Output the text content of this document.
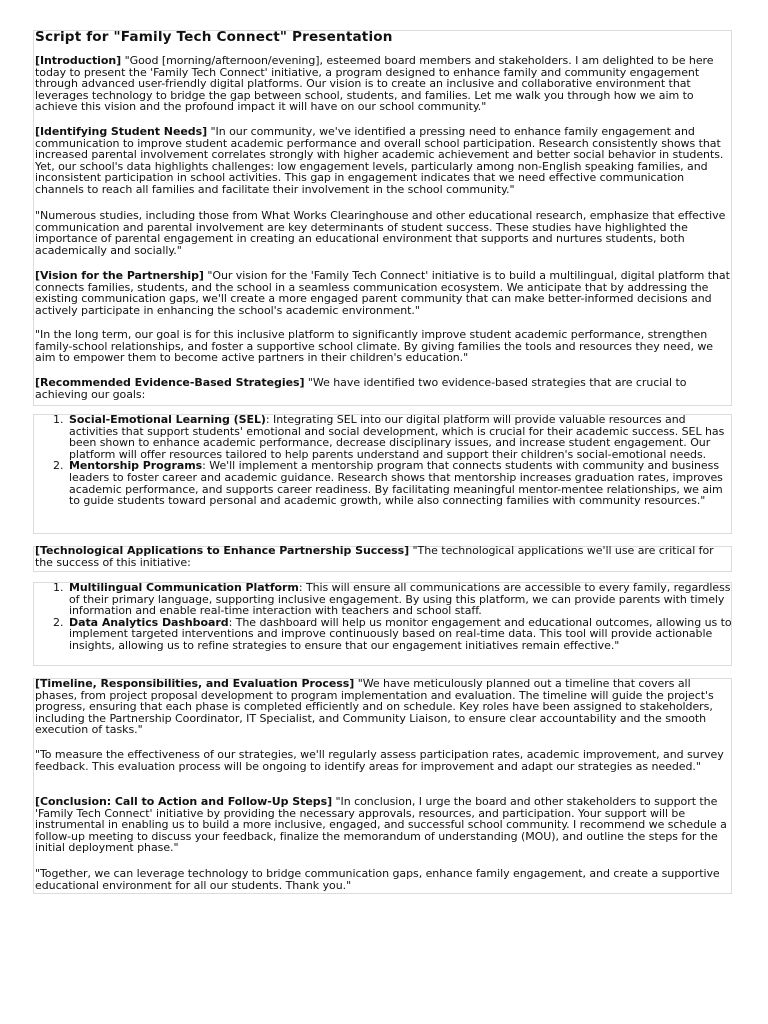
Script for "Family Tech Connect" Presentation

[Introduction] "Good [morning/afternoon/evening], esteemed board members and stakeholders. I am delighted to be here today to present the 'Family Tech Connect' initiative, a program designed to enhance family and community engagement through advanced user-friendly digital platforms. Our vision is to create an inclusive and collaborative environment that leverages technology to bridge the gap between school, students, and families. Let me walk you through how we aim to achieve this vision and the profound impact it will have on our school community."

[Identifying Student Needs] "In our community, we've identified a pressing need to enhance family engagement and communication to improve student academic performance and overall school participation. Research consistently shows that increased parental involvement correlates strongly with higher academic achievement and better social behavior in students. Yet, our school's data highlights challenges: low engagement levels, particularly among non-English speaking families, and inconsistent participation in school activities. This gap in engagement indicates that we need effective communication channels to reach all families and facilitate their involvement in the school community."

"Numerous studies, including those from What Works Clearinghouse and other educational research, emphasize that effective communication and parental involvement are key determinants of student success. These studies have highlighted the importance of parental engagement in creating an educational environment that supports and nurtures students, both academically and socially."

[Vision for the Partnership] "Our vision for the 'Family Tech Connect' initiative is to build a multilingual, digital platform that connects families, students, and the school in a seamless communication ecosystem. We anticipate that by addressing the existing communication gaps, we'll create a more engaged parent community that can make better-informed decisions and actively participate in enhancing the school's academic environment."

"In the long term, our goal is for this inclusive platform to significantly improve student academic performance, strengthen family-school relationships, and foster a supportive school climate. By giving families the tools and resources they need, we aim to empower them to become active partners in their children's education."

[Recommended Evidence-Based Strategies] "We have identified two evidence-based strategies that are crucial to achieving our goals:

1. Social-Emotional Learning (SEL): Integrating SEL into our digital platform will provide valuable resources and activities that support students' emotional and social development, which is crucial for their academic success. SEL has been shown to enhance academic performance, decrease disciplinary issues, and increase student engagement. Our platform will offer resources tailored to help parents understand and support their children's social-emotional needs.
2. Mentorship Programs: We'll implement a mentorship program that connects students with community and business leaders to foster career and academic guidance. Research shows that mentorship increases graduation rates, improves academic performance, and supports career readiness. By facilitating meaningful mentor-mentee relationships, we aim to guide students toward personal and academic growth, while also connecting families with community resources."

[Technological Applications to Enhance Partnership Success] "The technological applications we'll use are critical for the success of this initiative:

1. Multilingual Communication Platform: This will ensure all communications are accessible to every family, regardless of their primary language, supporting inclusive engagement. By using this platform, we can provide parents with timely information and enable real-time interaction with teachers and school staff.
2. Data Analytics Dashboard: The dashboard will help us monitor engagement and educational outcomes, allowing us to implement targeted interventions and improve continuously based on real-time data. This tool will provide actionable insights, allowing us to refine strategies to ensure that our engagement initiatives remain effective."

[Timeline, Responsibilities, and Evaluation Process] "We have meticulously planned out a timeline that covers all phases, from project proposal development to program implementation and evaluation. The timeline will guide the project's progress, ensuring that each phase is completed efficiently and on schedule. Key roles have been assigned to stakeholders, including the Partnership Coordinator, IT Specialist, and Community Liaison, to ensure clear accountability and the smooth execution of tasks."

"To measure the effectiveness of our strategies, we'll regularly assess participation rates, academic improvement, and survey feedback. This evaluation process will be ongoing to identify areas for improvement and adapt our strategies as needed."

[Conclusion: Call to Action and Follow-Up Steps] "In conclusion, I urge the board and other stakeholders to support the 'Family Tech Connect' initiative by providing the necessary approvals, resources, and participation. Your support will be instrumental in enabling us to build a more inclusive, engaged, and successful school community. I recommend we schedule a follow-up meeting to discuss your feedback, finalize the memorandum of understanding (MOU), and outline the steps for the initial deployment phase."

"Together, we can leverage technology to bridge communication gaps, enhance family engagement, and create a supportive educational environment for all our students. Thank you."
